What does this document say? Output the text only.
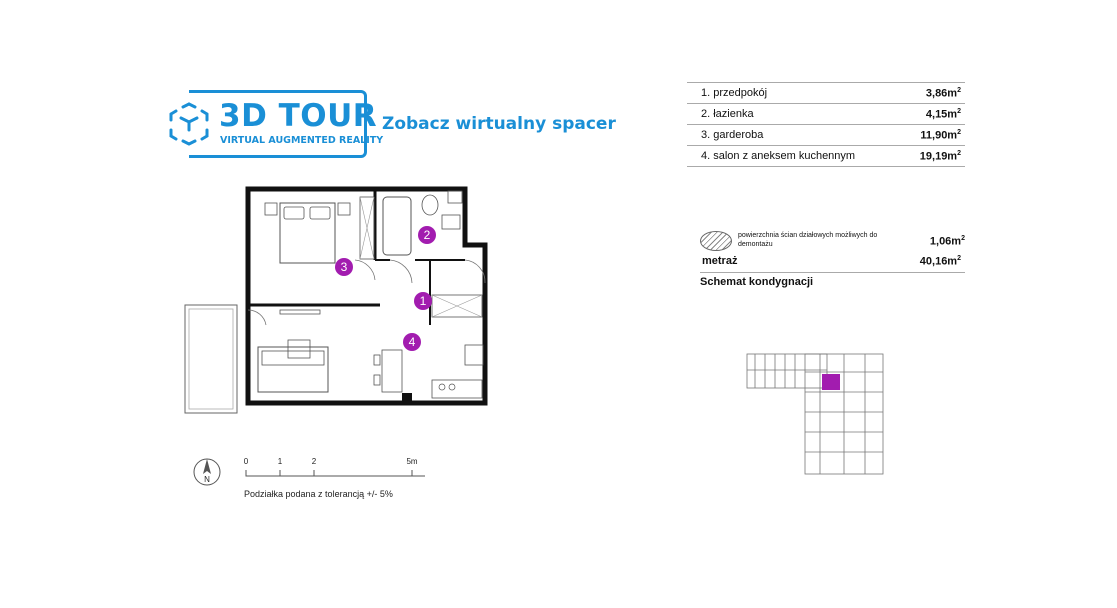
3D TOUR
VIRTUAL AUGMENTED REALITY
Zobacz wirtualny spacer
1. przedpokój	$3,86m^2$
2. łazienka	$4,15m^2$
3. garderoba	$11,90m^2$
4. salon z aneksem kuchennym	$19,19m^2$
powierzchnia ścian działowych możliwych do demontażu	$1,06m^2$
metraż	$40,16m^2$
Schemat kondygnacji
2
3
1
4
N
0	1	2	5m
Podziałka podana z tolerancją +/- 5%
